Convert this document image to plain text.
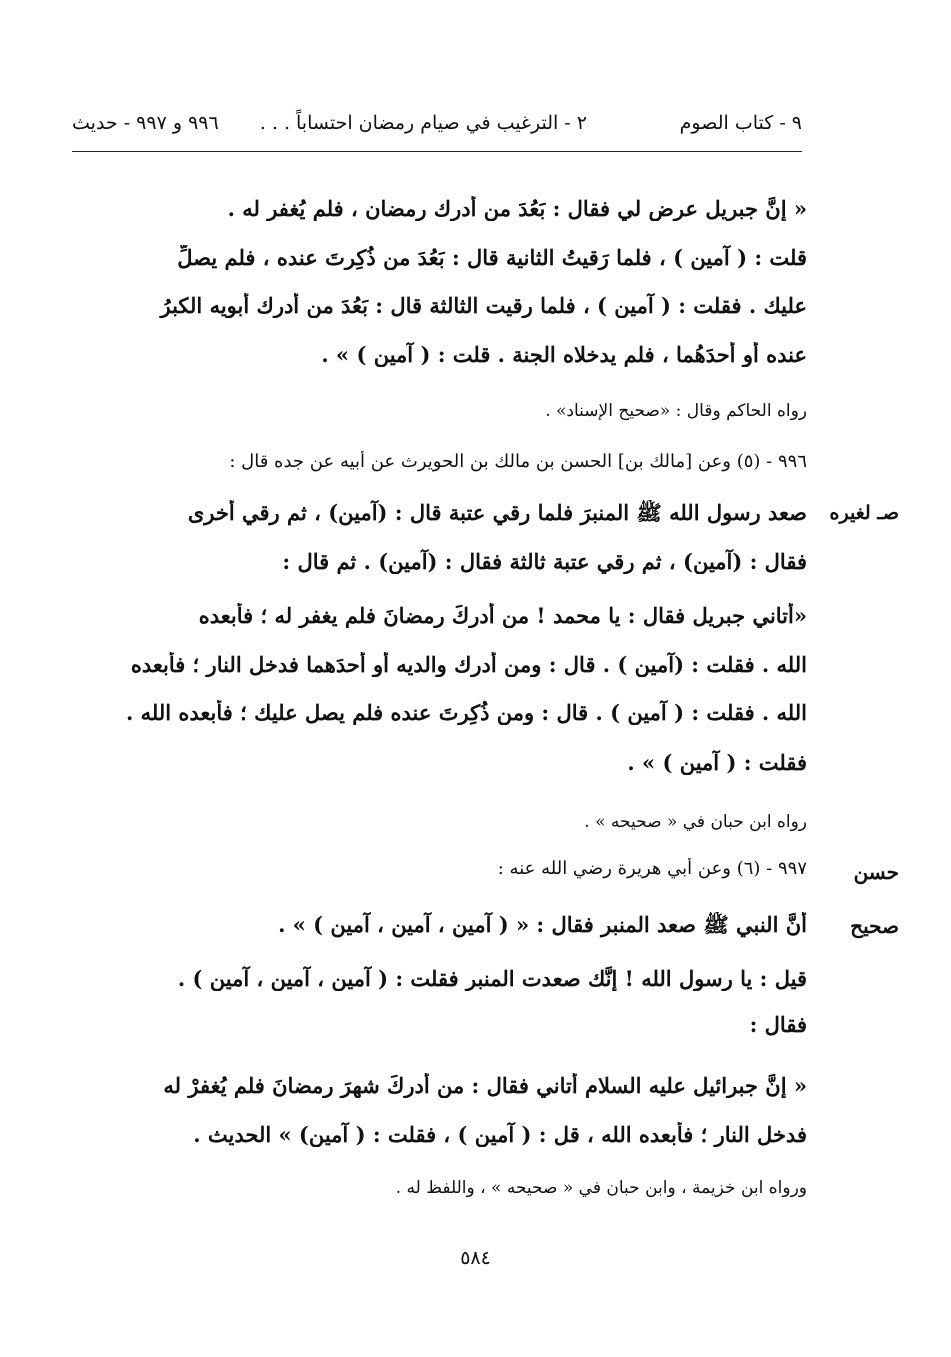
٩ - كتاب الصوم
٢ - الترغيب في صيام رمضان احتساباً . . .
٩٩٦ و ٩٩٧ - حديث
« إنَّ جبريل عرض لي فقال : بَعُدَ من أدرك رمضان ، فلم يُغفر له .
قلت : ( آمين ) ، فلما رَقيتُ الثانية قال : بَعُدَ من ذُكِرتَ عنده ، فلم يصلِّ
عليك . فقلت : ( آمين ) ، فلما رقيت الثالثة قال : بَعُدَ من أدرك أبويه الكبرُ
عنده أو أحدَهُما ، فلم يدخلاه الجنة . قلت : ( آمين ) » .
رواه الحاكم وقال : «صحيح الإسناد» .
٩٩٦ - (٥) وعن [مالك بن] الحسن بن مالك بن الحويرث عن أبيه عن جده قال :
صعد رسول الله ﷺ المنبرَ فلما رقي عتبة قال : (آمين) ، ثم رقي أخرى
فقال : (آمين) ، ثم رقي عتبة ثالثة فقال : (آمين) . ثم قال :
«أتاني جبريل فقال : يا محمد ! من أدركَ رمضانَ فلم يغفر له ؛ فأبعده
الله . فقلت : (آمين ) . قال : ومن أدرك والديه أو أحدَهما فدخل النار ؛ فأبعده
الله . فقلت : ( آمين ) . قال : ومن ذُكِرتَ عنده فلم يصل عليك ؛ فأبعده الله .
فقلت : ( آمين ) » .
رواه ابن حبان في « صحيحه » .
٩٩٧ - (٦) وعن أبي هريرة رضي الله عنه :
أنَّ النبي ﷺ صعد المنبر فقال : « ( آمين ، آمين ، آمين ) » .
قيل : يا رسول الله ! إنَّك صعدت المنبر فقلت : ( آمين ، آمين ، آمين ) .
فقال :
« إنَّ جبرائيل عليه السلام أتاني فقال : من أدركَ شهرَ رمضانَ فلم يُغفرْ له
فدخل النار ؛ فأبعده الله ، قل : ( آمين ) ، فقلت : ( آمين) » الحديث .
ورواه ابن خزيمة ، وابن حبان في « صحيحه » ، واللفظ له .
صـ لغيره
حسن
صحيح
٥٨٤
